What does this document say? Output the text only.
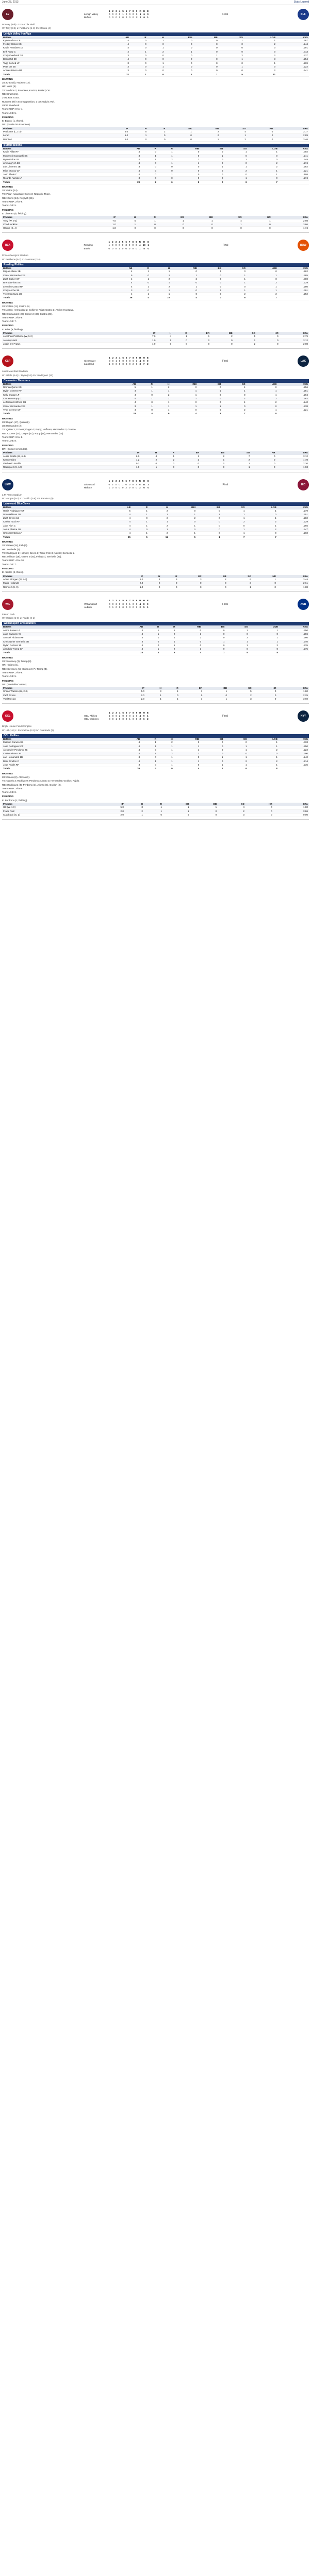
June 23, 2013	Stats Legend
LV
	1	2	3	4	5	6	7	8	9	R	H	E
Lehigh Valley	0	0	0	0	1	0	0	0	0	1	6	0
Buffalo	0	0	0	2	0	0	0	0	X	2	6	1
Final	BUF
Norway (Bal) - Coca-Cola Field
W: Tony (3-1) L: Pettibone (1-3) SV: Osuna (4)
Lehigh Valley IronPigs
Batters	AB	R	H	RBI	BB	SO	LOB	AVG
Kyle Hudson CF	4	0	1	0	0	1	1	.267
Freddy Galvis SS	4	0	0	0	0	0	2	.244
Kevin Frandsen 1B	4	0	1	0	0	0	0	.291
Erik Kratz C	4	1	2	1	0	0	0	.313
Cody Overbeck 3B	3	0	0	0	1	2	2	.237
Darin Ruf DH	4	0	0	0	0	1	3	.254
Tagg Bozied LF	3	0	1	0	0	0	1	.269
Pete Orr 2B	3	0	1	0	0	1	0	.222
Andres Blanco RF	3	0	0	0	0	0	2	.241
Totals	32	1	6	1	1	5	11	
BATTING
2B: Kratz (9), Hudson (12).
HR: Kratz (4).
TB: Hudson 2; Frandsen; Kratz 5; Bozied; Orr.
RBI: Kratz (21).
2-out RBI: Kratz.
Runners left in scoring position, 2 out: Galvis; Ruf.
GIDP: Overbeck.
Team RISP: 0-for-4.
Team LOB: 5.
FIELDING
E: Blanco (1, throw).
DP: (Galvis-Orr-Frandsen).
Pitchers	IP	H	R	ER	BB	SO	HR	ERA
Pettibone (L, 1-3)	6.0	5	2	1	2	4	0	3.17
Lerud	1.0	1	0	0	0	1	0	2.89
Ramirez	1.0	0	0	0	1	2	0	3.46
Buffalo Bisons
Batters	AB	R	H	RBI	BB	SO	LOB	AVG
Kevin Pillar RF	4	0	1	0	0	1	1	.302
Munenori Kawasaki SS	3	1	1	0	1	0	0	.241
Ryan Goins 2B	4	1	2	1	0	1	0	.248
Jim Negrych 3B	4	0	1	1	0	0	2	.274
Luis Jimenez 1B	3	0	0	0	1	1	2	.282
Mike McCoy CF	4	0	0	0	0	2	1	.221
Josh Thole C	4	0	1	0	0	0	1	.198
Ricardo Nanita LF	3	0	0	0	0	1	0	.274
Totals	29	2	6	2	2	6	7	
BATTING
2B: Goins (14).
TB: Pillar; Kawasaki; Goins 3; Negrych; Thole.
RBI: Goins (24), Negrych (31).
Team RISP: 2-for-6.
Team LOB: 5.
FIELDING
E: Jimenez (6, fielding).
Pitchers	IP	H	R	ER	BB	SO	HR	ERA
Tony (W, 3-1)	7.0	5	1	1	1	4	1	2.98
Chad Jenkins	1.0	1	0	0	0	1	0	3.86
Osuna (S, 4)	1.0	0	0	0	0	0	0	1.74
REA
	1	2	3	4	5	6	7	8	9	R	H	E
Reading	1	0	0	0	0	3	0	0	0	4	10	1
Bowie	0	0	0	1	0	0	0	0	0	1	5	0
Final	BOW
Prince George's Stadium
W: Pettibone (5-2) L: Gausman (2-4)
Reading Phillies
Batters	AB	R	H	RBI	BB	SO	LOB	AVG
Miguel Abreu 2B	4	1	1	0	1	0	0	.262
Cesar Hernandez 2B	5	0	2	1	0	1	1	.285
Zach Collier CF	4	1	2	2	0	1	0	.300
Brenda Frias SS	4	0	1	0	0	1	2	.229
Leandro Castro RF	4	1	2	1	0	0	1	.280
Cody Asche 3B	3	0	1	0	1	1	1	.301
Troy Hanzawa 1B	4	1	1	0	0	2	2	.252
Totals	36	4	10	4	2	6	7	
BATTING
2B: Collier (11), Castro (9).
TB: Abreu; Hernandez 2; Collier 3; Frias; Castro 3; Asche; Hanzawa.
RBI: Hernandez (22), Collier 2 (30), Castro (28).
Team RISP: 3-for-9.
Team LOB: 7.
FIELDING
E: Frias (9, fielding).
Pitchers	IP	H	R	ER	BB	SO	HR	ERA
Jonathan Pettibone (W, 5-2)	7.0	4	1	1	2	5	0	2.79
Jeremy Horst	1.0	1	0	0	0	1	0	3.12
Justin De Fratus	1.0	0	0	0	0	2	0	2.08
CLR
	1	2	3	4	5	6	7	8	9	R	H	E
Clearwater	0	0	1	0	0	2	0	0	1	4	9	0
Lakeland	1	0	0	0	0	0	0	2	0	3	7	2
Final	LAK
Joker Marchant Stadium
W: Biddle (6-4) L: Ryan (3-5) SV: Rodriguez (12)
Clearwater Threshers
Batters	AB	R	H	RBI	BB	SO	LOB	AVG
Roman Quinn SS	5	1	2	0	0	1	0	.256
Dylan Cozens RF	4	1	1	1	1	1	1	.281
Kelly Dugan LF	4	0	2	1	0	0	1	.294
Cameron Rupp C	4	1	1	1	0	2	2	.262
Jefferson Hoffman 1B	4	0	1	0	0	1	2	.240
Cesar Hernandez 3B	3	1	1	1	1	0	0	.238
Tyler Greene CF	4	0	1	0	0	2	1	.221
Totals	33	4	9	4	3	7	8	
BATTING
2B: Dugan (17), Quinn (8).
3B: Hernandez (2).
TB: Quinn 3; Cozens; Dugan 3; Rupp; Hoffman; Hernandez 3; Greene.
RBI: Cozens (34), Dugan (41), Rupp (19), Hernandez (12).
Team RISP: 3-for-8.
Team LOB: 8.
FIELDING
DP: (Quinn-Hernandez).
Pitchers	IP	H	R	ER	BB	SO	HR	ERA
Jesse Biddle (W, 6-4)	6.0	4	1	1	2	7	0	3.12
Kenny Giles	1.2	2	2	2	1	2	0	4.78
Lisalverto Bonilla	0.1	0	0	0	0	1	0	2.20
Rodriguez (S, 12)	1.0	1	0	0	0	1	0	1.93
LKW
	1	2	3	4	5	6	7	8	9	R	H	E
Lakewood	0	2	0	0	1	0	0	0	2	5	11	1
Hickory	1	0	0	0	0	2	0	0	0	3	6	0
Final	HIC
L.P. Frans Stadium
W: Morgan (5-3) L: Castillo (2-6) SV: Ramirez (9)
Lakewood BlueClaws
Batters	AB	R	H	RBI	BB	SO	LOB	AVG
Herlis Rodriguez CF	5	1	2	0	0	1	1	.279
Drew Hillman 3B	4	1	1	1	1	1	0	.251
Zach Green 1B	4	0	2	2	0	1	1	.282
Carlos Tocci RF	4	1	1	0	0	2	2	.229
Jake Fish C	4	1	2	1	0	0	1	.265
Jesus Alastre 2B	4	0	1	0	0	1	2	.247
Chris Serritella LF	4	1	2	1	0	1	0	.260
Totals	35	5	11	5	1	7	7	
BATTING
2B: Green (15), Fish (6).
HR: Serritella (3).
TB: Rodriguez 2; Hillman; Green 3; Tocci; Fish 3; Alastre; Serritella 5.
RBI: Hillman (18), Green 2 (40), Fish (14), Serritella (22).
Team RISP: 4-for-10.
Team LOB: 7.
FIELDING
E: Alastre (8, throw).
Pitchers	IP	H	R	ER	BB	SO	HR	ERA
Adam Morgan (W, 5-3)	6.0	4	3	3	2	6	1	3.44
Mario Hollands	2.0	2	0	0	0	3	0	2.61
Ramirez (S, 9)	1.0	0	0	0	0	1	0	1.88
WIL
	1	2	3	4	5	6	7	8	9	R	H	E
Williamsport	0	0	3	0	0	0	1	0	0	4	8	0
Auburn	0	1	0	0	0	0	0	0	1	2	5	1
Final	AUB
Falcon Park
W: Watson (2-0) L: Fedde (0-1)
Williamsport Crosscutters
Batters	AB	R	H	RBI	BB	SO	LOB	AVG
Aaron Brown LF	4	1	1	0	0	1	1	.250
Jake Sweaney C	4	1	2	1	0	0	0	.286
Samuel Hiciano RF	4	1	1	2	0	2	1	.260
Christopher Serritella 3B	3	0	1	0	1	1	1	.240
Dylan Cozens 1B	4	0	1	0	0	1	2	.235
Jiandido Tromp CF	4	1	2	1	0	0	0	.275
Totals	23	4	8	4	1	5	5	
BATTING
2B: Sweaney (3), Tromp (2).
HR: Hiciano (1).
RBI: Sweaney (5), Hiciano 2 (7), Tromp (4).
Team RISP: 2-for-6.
Team LOB: 5.
FIELDING
DP: (Serritella-Cozens).
Pitchers	IP	H	R	ER	BB	SO	HR	ERA
Shane Watson (W, 2-0)	5.0	3	1	1	1	5	0	1.80
Zach Green	2.0	1	0	0	0	2	0	2.25
Yoel Mecias	2.0	1	1	1	1	3	0	3.60
GCL
	1	2	3	4	5	6	7	8	9	R	H	E
GCL Phillies	1	0	0	2	0	0	0	1	0	4	9	1
GCL Yankees	0	0	1	0	0	0	1	0	0	2	6	2
Final	NYY
Bright House Field Complex
W: Hill (1-0) L: Rumbelow (0-2) SV: Cuadrado (2)
GCL Phillies
Batters	AB	R	H	RBI	BB	SO	LOB	AVG
Malquin Canelo SS	4	1	2	0	0	0	1	.333
Jose Rodriguez CF	4	1	1	1	0	1	1	.250
Alexander Perdomo 2B	4	0	1	1	0	1	2	.222
Carlos Alonso 3B	4	1	2	1	0	0	0	.300
Jan Hernandez 1B	3	0	1	0	1	1	1	.240
Deivi Grullon C	4	1	1	1	0	2	2	.214
Jose Pujols RF	3	0	1	0	1	1	1	.235
Totals	26	4	9	4	2	6	8	
BATTING
2B: Canelo (2), Alonso (3).
TB: Canelo 3; Rodriguez; Perdomo; Alonso 3; Hernandez; Grullon; Pujols.
RBI: Rodriguez (4), Perdomo (3), Alonso (5), Grullon (2).
Team RISP: 3-for-9.
Team LOB: 8.
FIELDING
E: Perdomo (2, fielding).
Pitchers	IP	H	R	ER	BB	SO	HR	ERA
Hill (W, 1-0)	5.0	3	1	1	1	4	0	1.80
Frank Ruiz	2.0	2	1	1	0	2	0	3.86
Cuadrado (S, 2)	2.0	1	0	0	0	3	0	0.00
